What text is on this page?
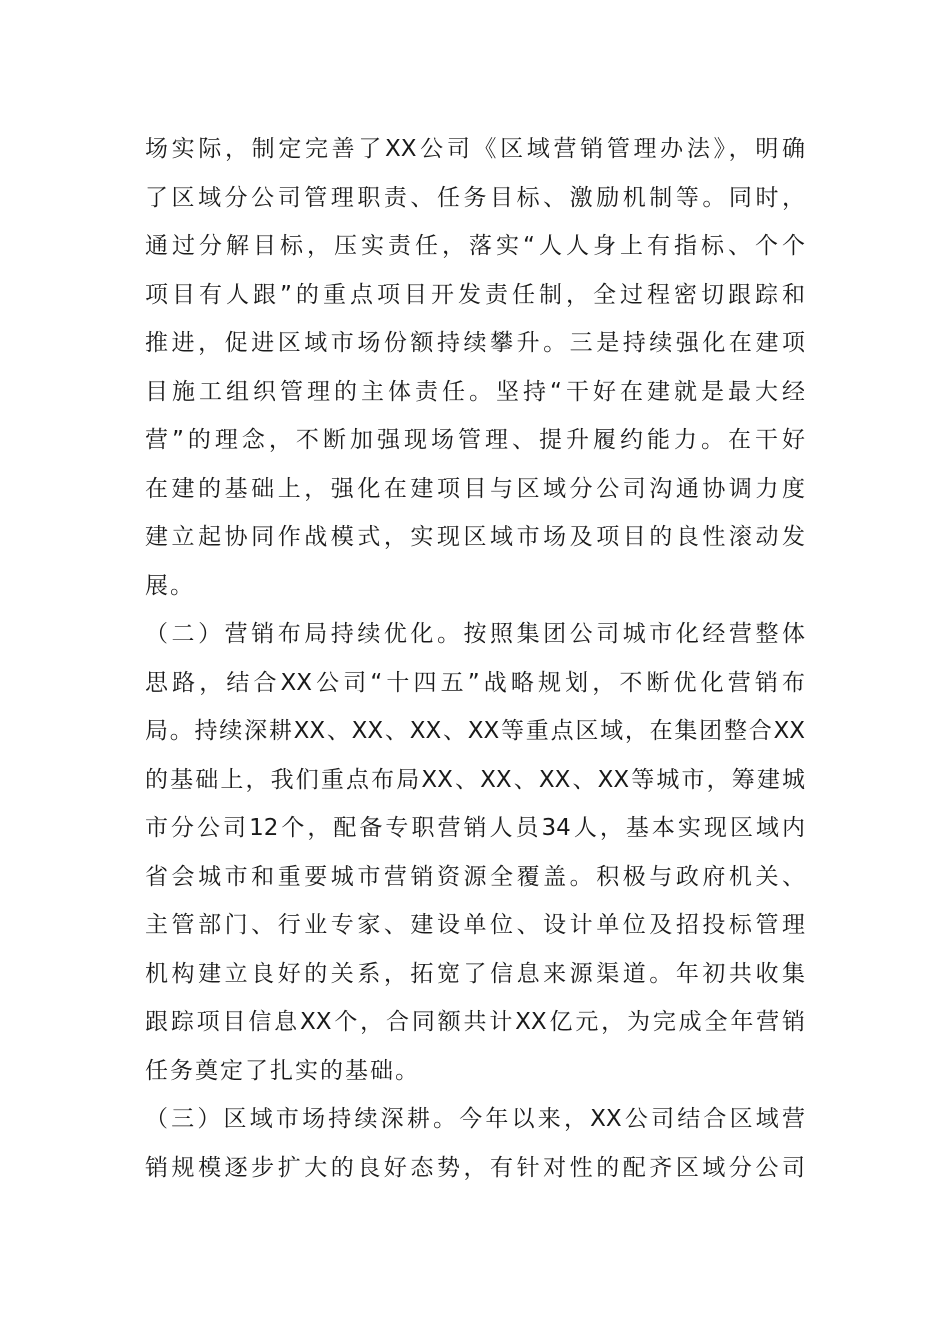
场实际，制定完善了XX公司《区域营销管理办法》，明确
了区域分公司管理职责、任务目标、激励机制等。同时，
通过分解目标，压实责任，落实“人人身上有指标、个个
项目有人跟”的重点项目开发责任制，全过程密切跟踪和
推进，促进区域市场份额持续攀升。三是持续强化在建项
目施工组织管理的主体责任。坚持“干好在建就是最大经
营”的理念，不断加强现场管理、提升履约能力。在干好
在建的基础上，强化在建项目与区域分公司沟通协调力度
建立起协同作战模式，实现区域市场及项目的良性滚动发
展。
（二）营销布局持续优化。按照集团公司城市化经营整体
思路，结合XX公司“十四五”战略规划，不断优化营销布
局。持续深耕XX、XX、XX、XX等重点区域，在集团整合XX
的基础上，我们重点布局XX、XX、XX、XX等城市，筹建城
市分公司12个，配备专职营销人员34人，基本实现区域内
省会城市和重要城市营销资源全覆盖。积极与政府机关、
主管部门、行业专家、建设单位、设计单位及招投标管理
机构建立良好的关系，拓宽了信息来源渠道。年初共收集
跟踪项目信息XX个，合同额共计XX亿元，为完成全年营销
任务奠定了扎实的基础。
（三）区域市场持续深耕。今年以来，XX公司结合区域营
销规模逐步扩大的良好态势，有针对性的配齐区域分公司
